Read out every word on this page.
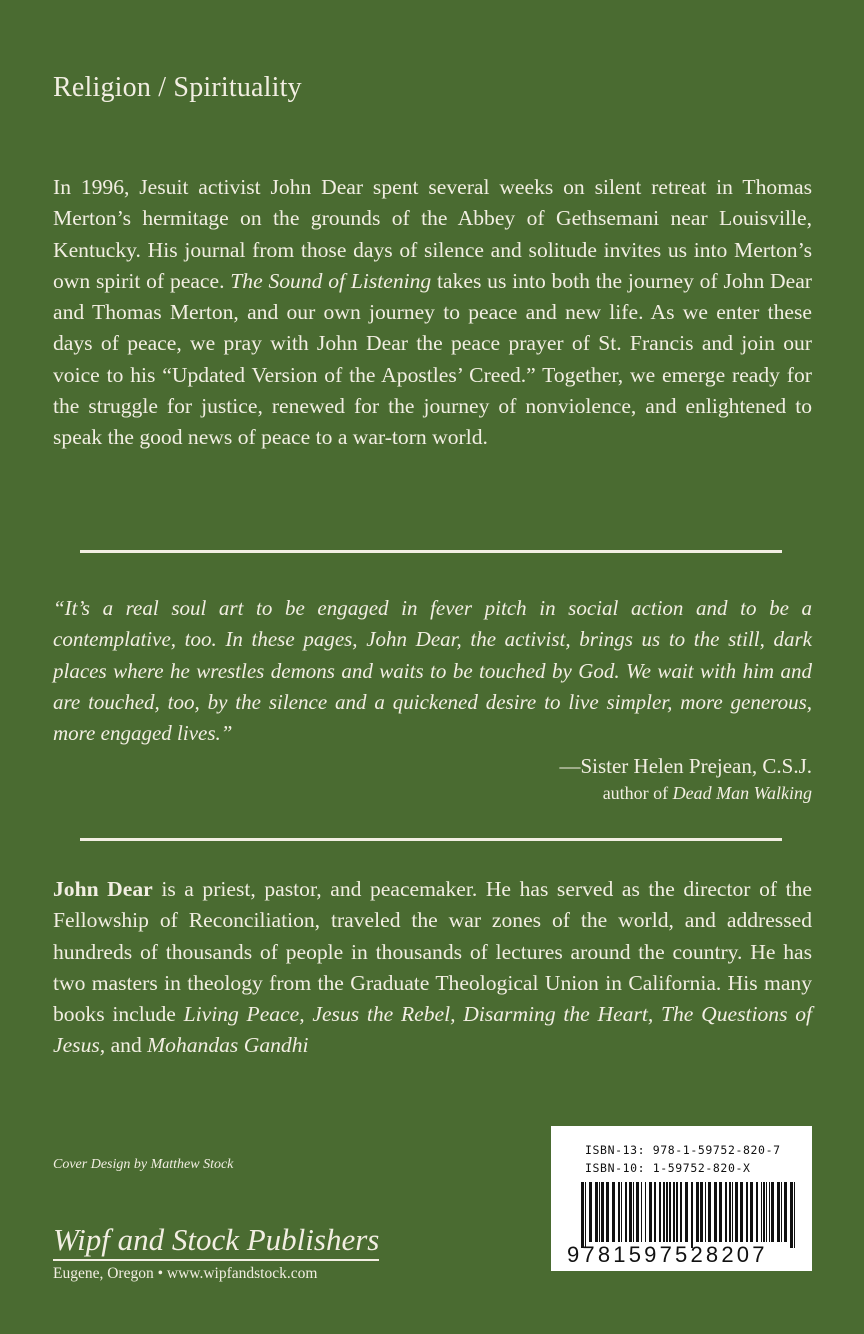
Religion / Spirituality

In 1996, Jesuit activist John Dear spent several weeks on silent retreat in Thomas Merton’s hermitage on the grounds of the Abbey of Gethsemani near Louisville, Kentucky. His journal from those days of silence and solitude invites us into Merton’s own spirit of peace. The Sound of Listening takes us into both the journey of John Dear and Thomas Merton, and our own journey to peace and new life. As we enter these days of peace, we pray with John Dear the peace prayer of St. Francis and join our voice to his “Updated Version of the Apostles’ Creed.” Together, we emerge ready for the struggle for justice, renewed for the journey of nonviolence, and enlightened to speak the good news of peace to a war-torn world.

“It’s a real soul art to be engaged in fever pitch in social action and to be a contemplative, too. In these pages, John Dear, the activist, brings us to the still, dark places where he wrestles demons and waits to be touched by God. We wait with him and are touched, too, by the silence and a quickened desire to live simpler, more generous, more engaged lives.”

—Sister Helen Prejean, C.S.J.
author of Dead Man Walking

John Dear is a priest, pastor, and peacemaker. He has served as the director of the Fellowship of Reconciliation, traveled the war zones of the world, and addressed hundreds of thousands of people in thousands of lectures around the country. He has two masters in theology from the Graduate Theological Union in California. His many books include Living Peace, Jesus the Rebel, Disarming the Heart, The Questions of Jesus, and Mohandas Gandhi

Cover Design by Matthew Stock
Wipf and Stock Publishers
Eugene, Oregon • www.wipfandstock.com
ISBN-13: 978-1-59752-820-7
ISBN-10: 1-59752-820-X
9781597528207
